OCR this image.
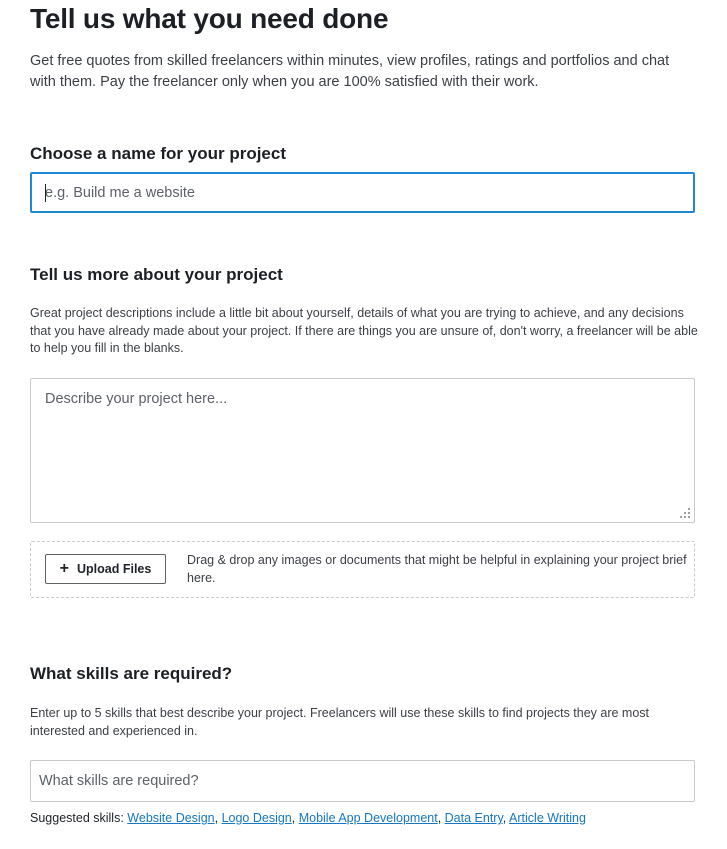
Tell us what you need done

Get free quotes from skilled freelancers within minutes, view profiles, ratings and portfolios and chat with them. Pay the freelancer only when you are 100% satisfied with their work.

Choose a name for your project
e.g. Build me a website
Tell us more about your project

Great project descriptions include a little bit about yourself, details of what you are trying to achieve, and any decisions that you have already made about your project. If there are things you are unsure of, don't worry, a freelancer will be able to help you fill in the blanks.

Describe your project here...
+ Upload Files
Drag & drop any images or documents that might be helpful in explaining your project brief here.
What skills are required?

Enter up to 5 skills that best describe your project. Freelancers will use these skills to find projects they are most interested and experienced in.

What skills are required?
Suggested skills: Website Design, Logo Design, Mobile App Development, Data Entry, Article Writing
